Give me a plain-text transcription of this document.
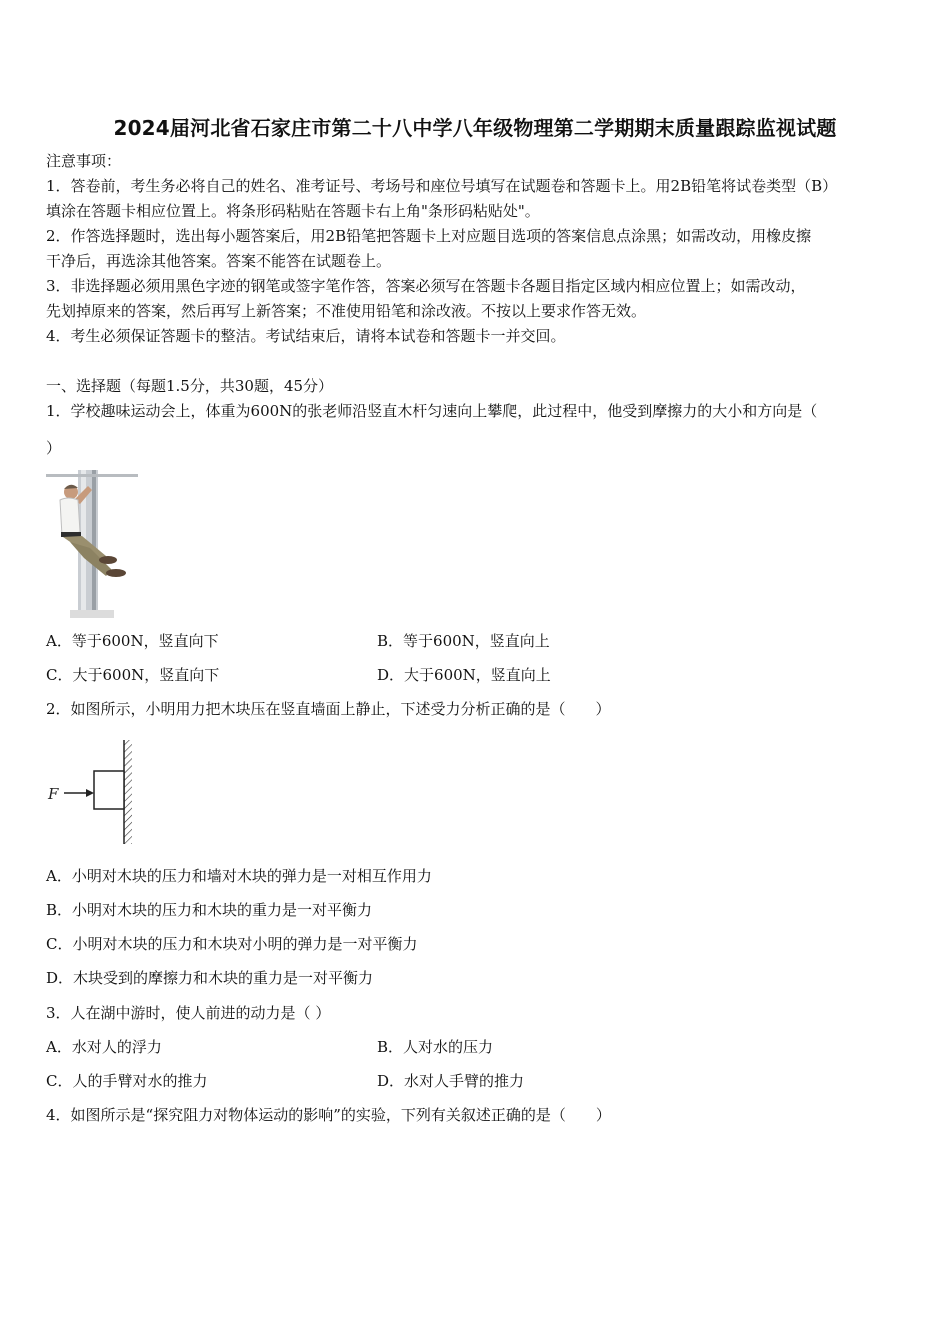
2024届河北省石家庄市第二十八中学八年级物理第二学期期末质量跟踪监视试题
注意事项：
1．答卷前，考生务必将自己的姓名、准考证号、考场号和座位号填写在试题卷和答题卡上。用2B铅笔将试卷类型（B）
填涂在答题卡相应位置上。将条形码粘贴在答题卡右上角"条形码粘贴处"。
2．作答选择题时，选出每小题答案后，用2B铅笔把答题卡上对应题目选项的答案信息点涂黑；如需改动，用橡皮擦
干净后，再选涂其他答案。答案不能答在试题卷上。
3．非选择题必须用黑色字迹的钢笔或签字笔作答，答案必须写在答题卡各题目指定区域内相应位置上；如需改动，
先划掉原来的答案，然后再写上新答案；不准使用铅笔和涂改液。不按以上要求作答无效。
4．考生必须保证答题卡的整洁。考试结束后，请将本试卷和答题卡一并交回。
一、选择题（每题1.5分，共30题，45分）
1．学校趣味运动会上，体重为600N的张老师沿竖直木杆匀速向上攀爬，此过程中，他受到摩擦力的大小和方向是（
）
A．等于600N，竖直向下	B．等于600N，竖直向上
C．大于600N，竖直向下	D．大于600N，竖直向上
2．如图所示，小明用力把木块压在竖直墙面上静止，下述受力分析正确的是（　　）
F
A．小明对木块的压力和墙对木块的弹力是一对相互作用力
B．小明对木块的压力和木块的重力是一对平衡力
C．小明对木块的压力和木块对小明的弹力是一对平衡力
D．木块受到的摩擦力和木块的重力是一对平衡力
3．人在湖中游时，使人前进的动力是（ ）
A．水对人的浮力	B．人对水的压力
C．人的手臂对水的推力	D．水对人手臂的推力
4．如图所示是“探究阻力对物体运动的影响”的实验，下列有关叙述正确的是（　　）
